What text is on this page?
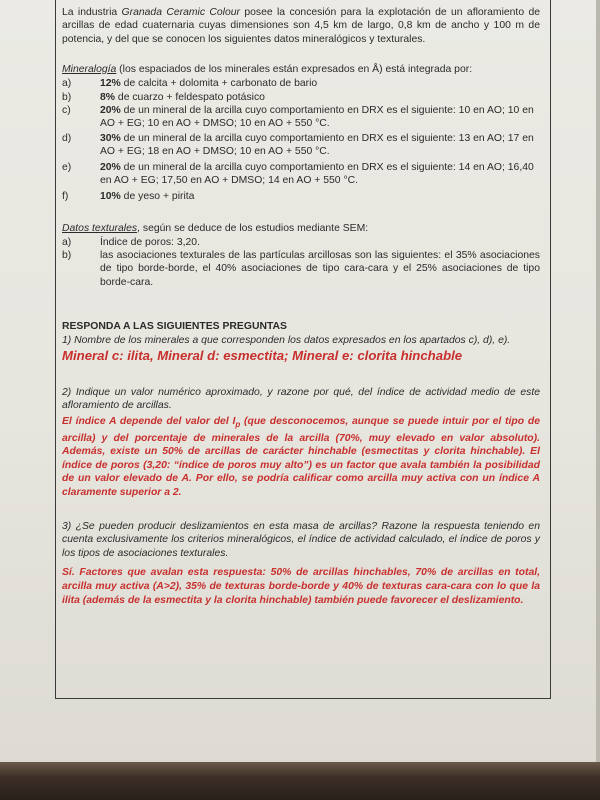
La industria Granada Ceramic Colour posee la concesión para la explotación de un afloramiento de arcillas de edad cuaternaria cuyas dimensiones son 4,5 km de largo, 0,8 km de ancho y 100 m de potencia, y del que se conocen los siguientes datos mineralógicos y texturales.
Mineralogía (los espaciados de los minerales están expresados en Å) está integrada por:
a)	12% de calcita + dolomita + carbonato de bario
b)	8% de cuarzo + feldespato potásico
c)	20% de un mineral de la arcilla cuyo comportamiento en DRX es el siguiente: 10 en AO; 10 en AO + EG; 10 en AO + DMSO; 10 en AO + 550 °C.
d)	30% de un mineral de la arcilla cuyo comportamiento en DRX es el siguiente: 13 en AO; 17 en AO + EG; 18 en AO + DMSO; 10 en AO + 550 °C.
e)	20% de un mineral de la arcilla cuyo comportamiento en DRX es el siguiente: 14 en AO; 16,40 en AO + EG; 17,50 en AO + DMSO; 14 en AO + 550 °C.
f)	10% de yeso + pirita
Datos texturales, según se deduce de los estudios mediante SEM:
a)	Índice de poros: 3,20.
b)	las asociaciones texturales de las partículas arcillosas son las siguientes: el 35% asociaciones de tipo borde-borde, el 40% asociaciones de tipo cara-cara y el 25% asociaciones de tipo borde-cara.
RESPONDA A LAS SIGUIENTES PREGUNTAS
1) Nombre de los minerales a que corresponden los datos expresados en los apartados c), d), e).
Mineral c: ilita, Mineral d: esmectita; Mineral e: clorita hinchable
2) Indique un valor numérico aproximado, y razone por qué, del índice de actividad medio de este afloramiento de arcillas.
El índice A depende del valor del $I_p$ (que desconocemos, aunque se puede intuir por el tipo de arcilla) y del porcentaje de minerales de la arcilla (70%, muy elevado en valor absoluto). Además, existe un 50% de arcillas de carácter hinchable (esmectitas y clorita hinchable). El índice de poros (3,20: “índice de poros muy alto”) es un factor que avala también la posibilidad de un valor elevado de A. Por ello, se podría calificar como arcilla muy activa con un índice A claramente superior a 2.
3) ¿Se pueden producir deslizamientos en esta masa de arcillas? Razone la respuesta teniendo en cuenta exclusivamente los criterios mineralógicos, el índice de actividad calculado, el índice de poros y los tipos de asociaciones texturales.
Sí. Factores que avalan esta respuesta: 50% de arcillas hinchables, 70% de arcillas en total, arcilla muy activa (A>2), 35% de texturas borde-borde y 40% de texturas cara-cara con lo que la ilita (además de la esmectita y la clorita hinchable) también puede favorecer el deslizamiento.
